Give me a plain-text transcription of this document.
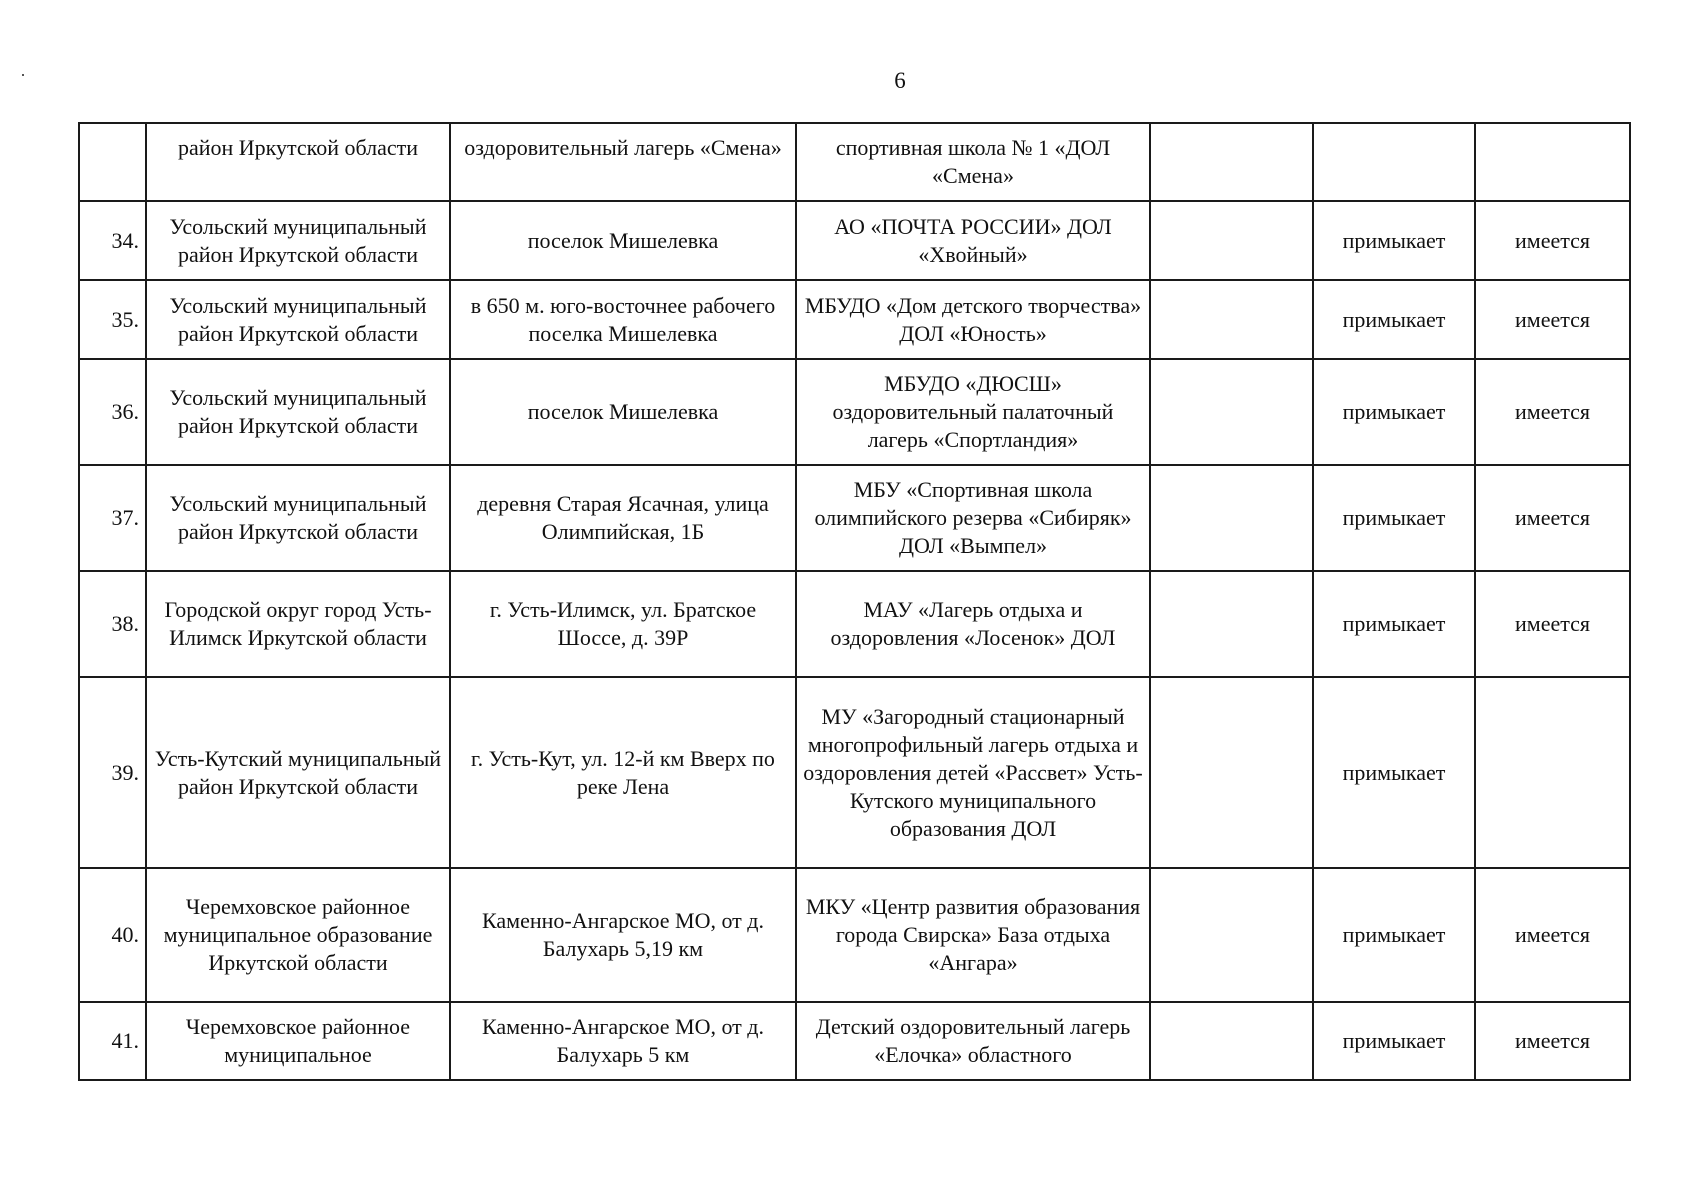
6
	район Иркутской области	оздоровительный лагерь «Смена»	спортивная школа № 1 «ДОЛ «Смена»			
34.	Усольский муниципальный район Иркутской области	поселок Мишелевка	АО «ПОЧТА РОССИИ» ДОЛ «Хвойный»		примыкает	имеется
35.	Усольский муниципальный район Иркутской области	в 650 м. юго-восточнее рабочего поселка Мишелевка	МБУДО «Дом детского творчества» ДОЛ «Юность»		примыкает	имеется
36.	Усольский муниципальный район Иркутской области	поселок Мишелевка	МБУДО «ДЮСШ» оздоровительный палаточный лагерь «Спортландия»		примыкает	имеется
37.	Усольский муниципальный район Иркутской области	деревня Старая Ясачная, улица Олимпийская, 1Б	МБУ «Спортивная школа олимпийского резерва «Сибиряк» ДОЛ «Вымпел»		примыкает	имеется
38.	Городской округ город Усть-Илимск Иркутской области	г. Усть-Илимск, ул. Братское Шоссе, д. 39Р	МАУ «Лагерь отдыха и оздоровления «Лосенок» ДОЛ		примыкает	имеется
39.	Усть-Кутский муниципальный район Иркутской области	г. Усть-Кут, ул. 12-й км Вверх по реке Лена	МУ «Загородный стационарный многопрофильный лагерь отдыха и оздоровления детей «Рассвет» Усть-Кутского муниципального образования ДОЛ		примыкает	
40.	Черемховское районное муниципальное образование Иркутской области	Каменно-Ангарское МО, от д. Балухарь 5,19 км	МКУ «Центр развития образования города Свирска» База отдыха «Ангара»		примыкает	имеется
41.	Черемховское районное муниципальное	Каменно-Ангарское МО, от д. Балухарь 5 км	Детский оздоровительный лагерь «Елочка» областного		примыкает	имеется
